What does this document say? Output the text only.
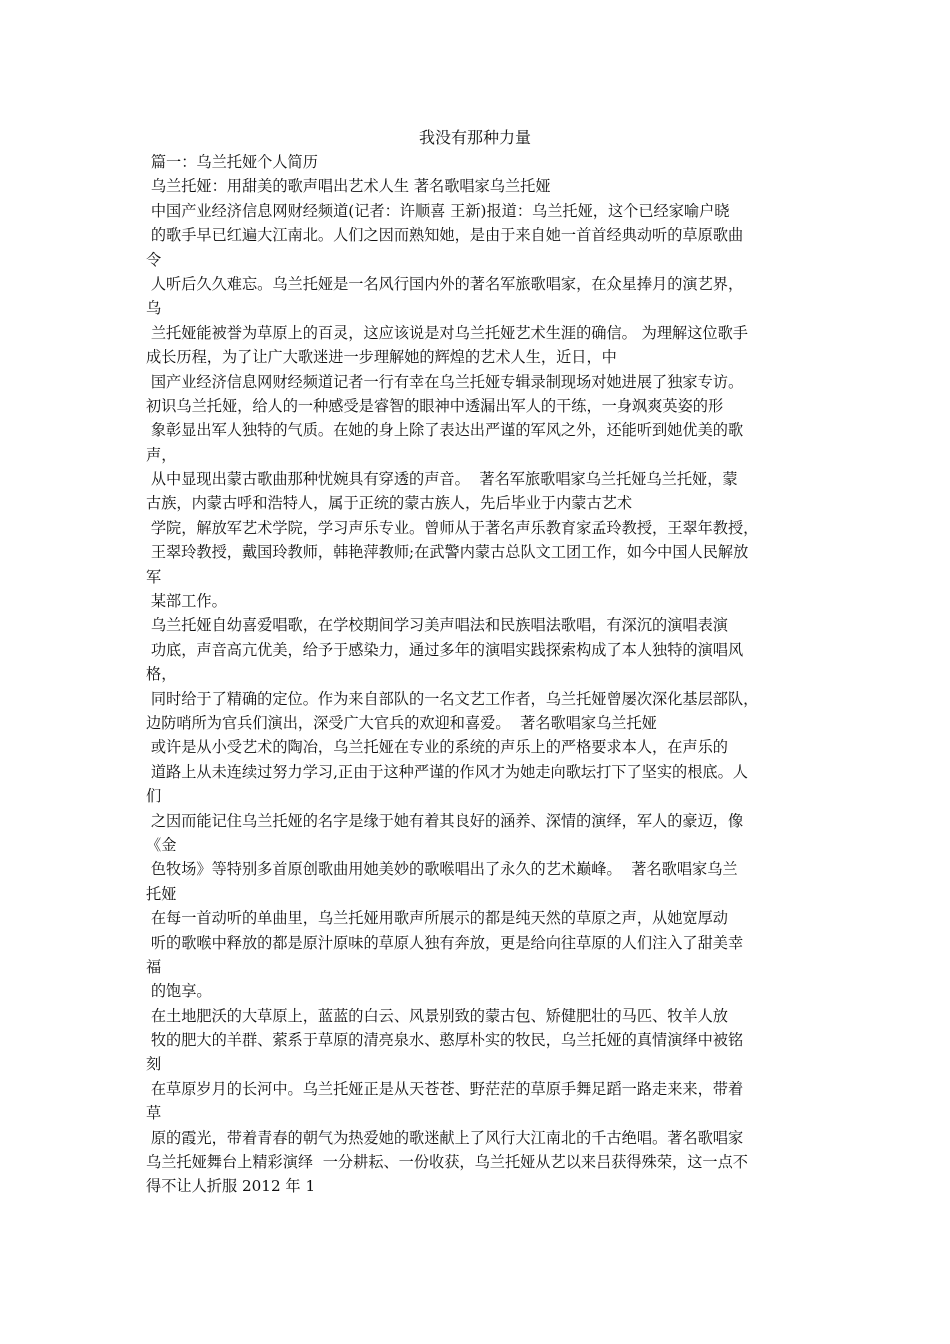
我没有那种力量
篇一：乌兰托娅个人简历
乌兰托娅：用甜美的歌声唱出艺术人生 著名歌唱家乌兰托娅
中国产业经济信息网财经频道(记者：许顺喜 王新)报道：乌兰托娅，这个已经家喻户晓
的歌手早已红遍大江南北。人们之因而熟知她，是由于来自她一首首经典动听的草原歌曲
令
人听后久久难忘。乌兰托娅是一名风行国内外的著名军旅歌唱家，在众星捧月的演艺界，
乌
兰托娅能被誉为草原上的百灵，这应该说是对乌兰托娅艺术生涯的确信。 为理解这位歌手
成长历程，为了让广大歌迷进一步理解她的辉煌的艺术人生，近日，中
国产业经济信息网财经频道记者一行有幸在乌兰托娅专辑录制现场对她进展了独家专访。
初识乌兰托娅，给人的一种感受是睿智的眼神中透漏出军人的干练，一身飒爽英姿的形
象彰显出军人独特的气质。在她的身上除了表达出严谨的军风之外，还能听到她优美的歌
声，
从中显现出蒙古歌曲那种忧婉具有穿透的声音。  著名军旅歌唱家乌兰托娅乌兰托娅，蒙
古族，内蒙古呼和浩特人，属于正统的蒙古族人，先后毕业于内蒙古艺术
学院，解放军艺术学院，学习声乐专业。曾师从于著名声乐教育家孟玲教授，王翠年教授，
王翠玲教授，戴国玲教师，韩艳萍教师;在武警内蒙古总队文工团工作，如今中国人民解放
军
某部工作。
乌兰托娅自幼喜爱唱歌，在学校期间学习美声唱法和民族唱法歌唱，有深沉的演唱表演
功底，声音高亢优美，给予于感染力，通过多年的演唱实践探索构成了本人独特的演唱风
格，
同时给于了精确的定位。作为来自部队的一名文艺工作者，乌兰托娅曾屡次深化基层部队，
边防哨所为官兵们演出，深受广大官兵的欢迎和喜爱。  著名歌唱家乌兰托娅
或许是从小受艺术的陶冶，乌兰托娅在专业的系统的声乐上的严格要求本人，在声乐的
道路上从未连续过努力学习,正由于这种严谨的作风才为她走向歌坛打下了坚实的根底。人
们
之因而能记住乌兰托娅的名字是缘于她有着其良好的涵养、深情的演绎，军人的豪迈，像
《金
色牧场》等特别多首原创歌曲用她美妙的歌喉唱出了永久的艺术巅峰。  著名歌唱家乌兰
托娅
在每一首动听的单曲里，乌兰托娅用歌声所展示的都是纯天然的草原之声，从她宽厚动
听的歌喉中释放的都是原汁原味的草原人独有奔放，更是给向往草原的人们注入了甜美幸
福
的饱享。
在土地肥沃的大草原上，蓝蓝的白云、风景别致的蒙古包、矫健肥壮的马匹、牧羊人放
牧的肥大的羊群、萦系于草原的清亮泉水、憨厚朴实的牧民，乌兰托娅的真情演绎中被铭
刻
在草原岁月的长河中。乌兰托娅正是从天苍苍、野茫茫的草原手舞足蹈一路走来来，带着
草
原的霞光，带着青春的朝气为热爱她的歌迷献上了风行大江南北的千古绝唱。著名歌唱家
乌兰托娅舞台上精彩演绎  一分耕耘、一份收获，乌兰托娅从艺以来吕获得殊荣，这一点不
得不让人折服 2012 年 1
